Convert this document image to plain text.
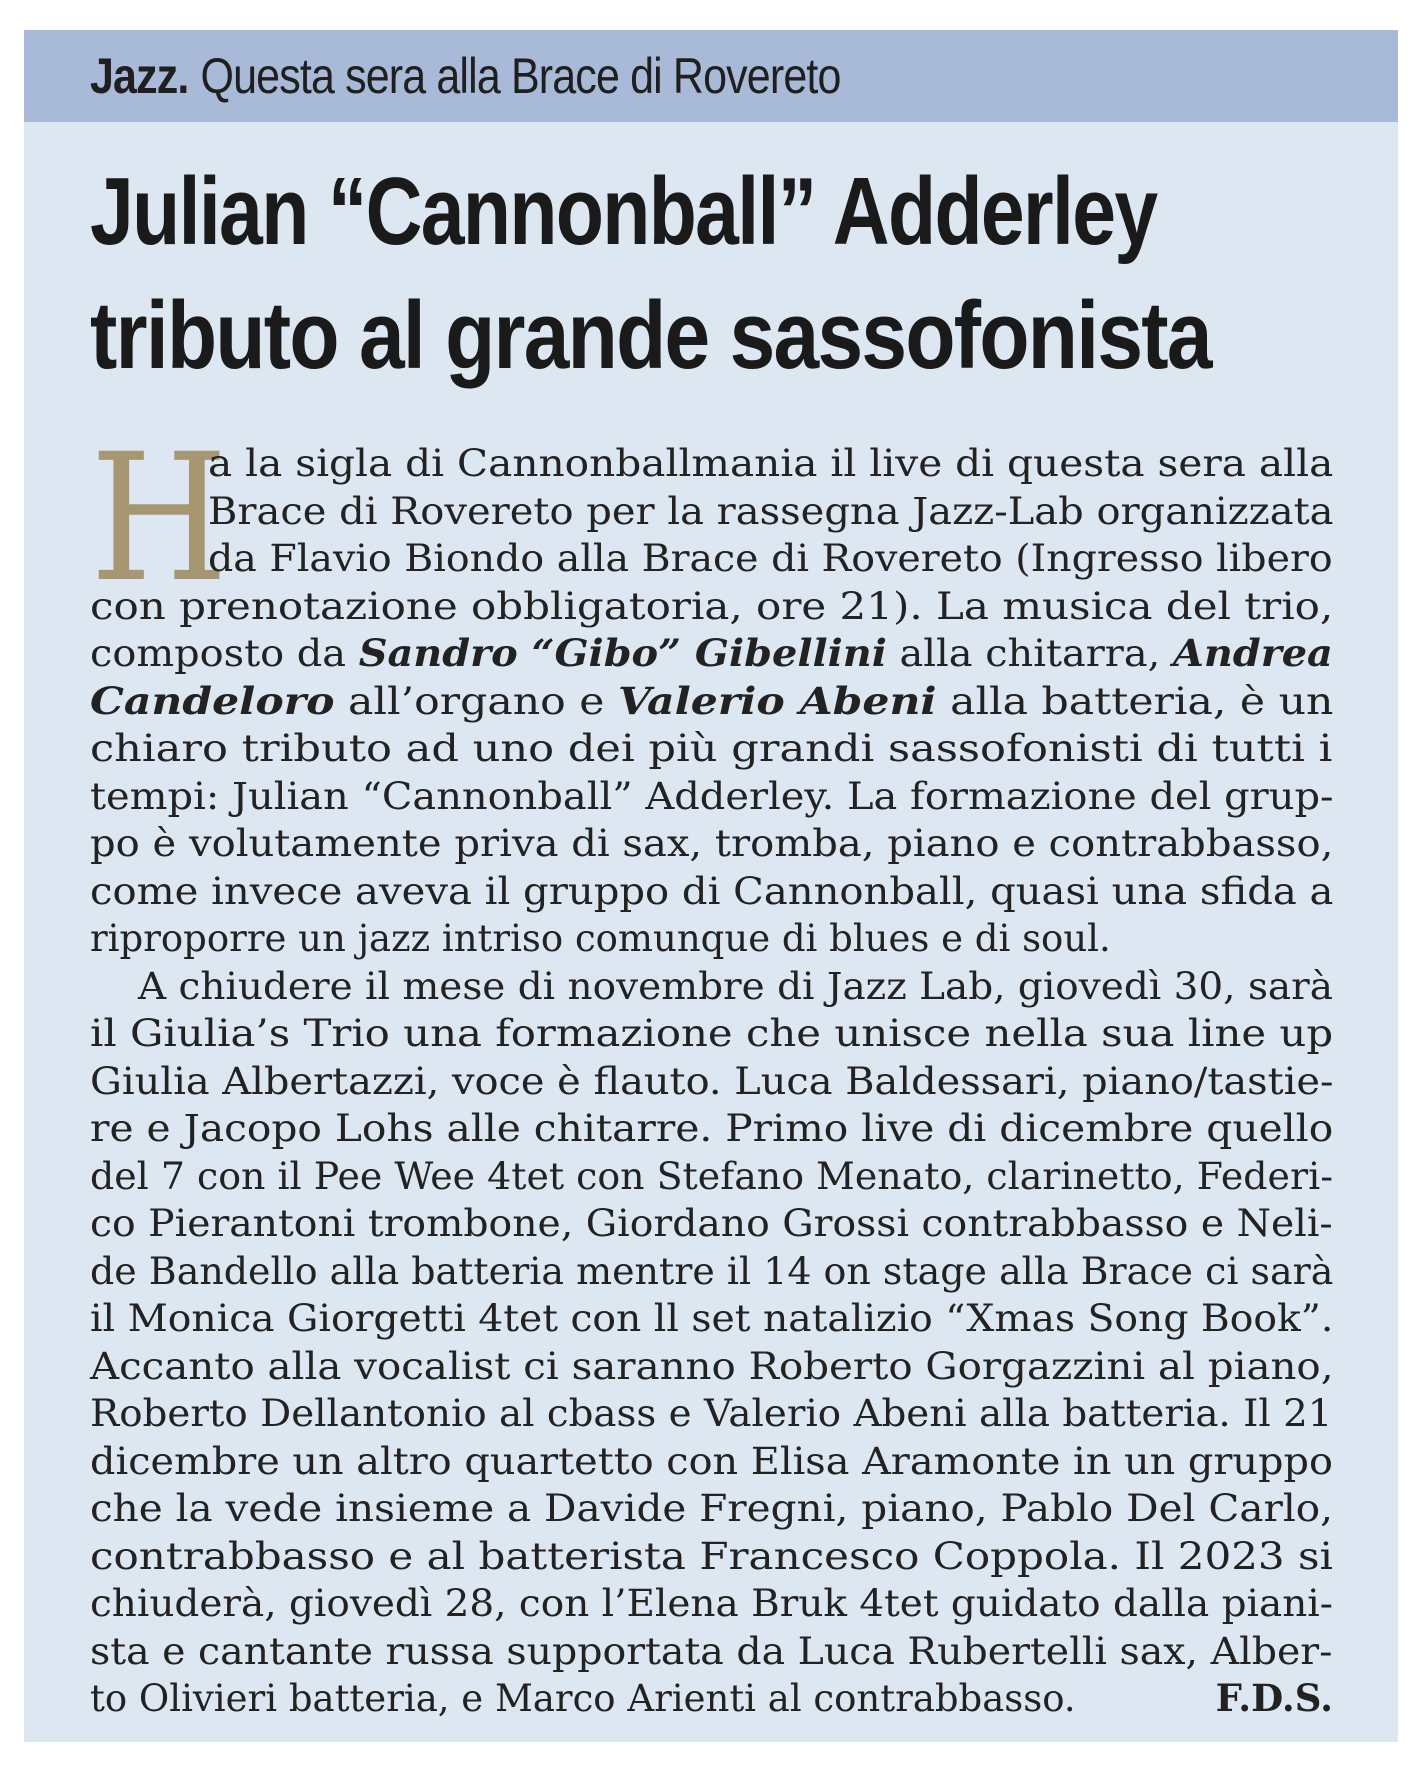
Jazz. Questa sera alla Brace di Rovereto
Julian “Cannonball” Adderley
tributo al grande sassofonista
H
a la sigla di Cannonballmania il live di questa sera alla
Brace di Rovereto per la rassegna Jazz-Lab organizzata
da Flavio Biondo alla Brace di Rovereto (Ingresso libero
con prenotazione obbligatoria, ore 21). La musica del trio,
composto da Sandro “Gibo” Gibellini alla chitarra, Andrea
Candeloro all’organo e Valerio Abeni alla batteria, è un
chiaro tributo ad uno dei più grandi sassofonisti di tutti i
tempi: Julian “Cannonball” Adderley. La formazione del grup-
po è volutamente priva di sax, tromba, piano e contrabbasso,
come invece aveva il gruppo di Cannonball, quasi una sfida a
riproporre un jazz intriso comunque di blues e di soul.
A chiudere il mese di novembre di Jazz Lab, giovedì 30, sarà
il Giulia’s Trio una formazione che unisce nella sua line up
Giulia Albertazzi, voce è flauto. Luca Baldessari, piano/tastie-
re e Jacopo Lohs alle chitarre. Primo live di dicembre quello
del 7 con il Pee Wee 4tet con Stefano Menato, clarinetto, Federi-
co Pierantoni trombone, Giordano Grossi contrabbasso e Neli-
de Bandello alla batteria mentre il 14 on stage alla Brace ci sarà
il Monica Giorgetti 4tet con ll set natalizio “Xmas Song Book”.
Accanto alla vocalist ci saranno Roberto Gorgazzini al piano,
Roberto Dellantonio al cbass e Valerio Abeni alla batteria. Il 21
dicembre un altro quartetto con Elisa Aramonte in un gruppo
che la vede insieme a Davide Fregni, piano, Pablo Del Carlo,
contrabbasso e al batterista Francesco Coppola. Il 2023 si
chiuderà, giovedì 28, con l’Elena Bruk 4tet guidato dalla piani-
sta e cantante russa supportata da Luca Rubertelli sax, Alber-
to Olivieri batteria, e Marco Arienti al contrabbasso.	F.D.S.
